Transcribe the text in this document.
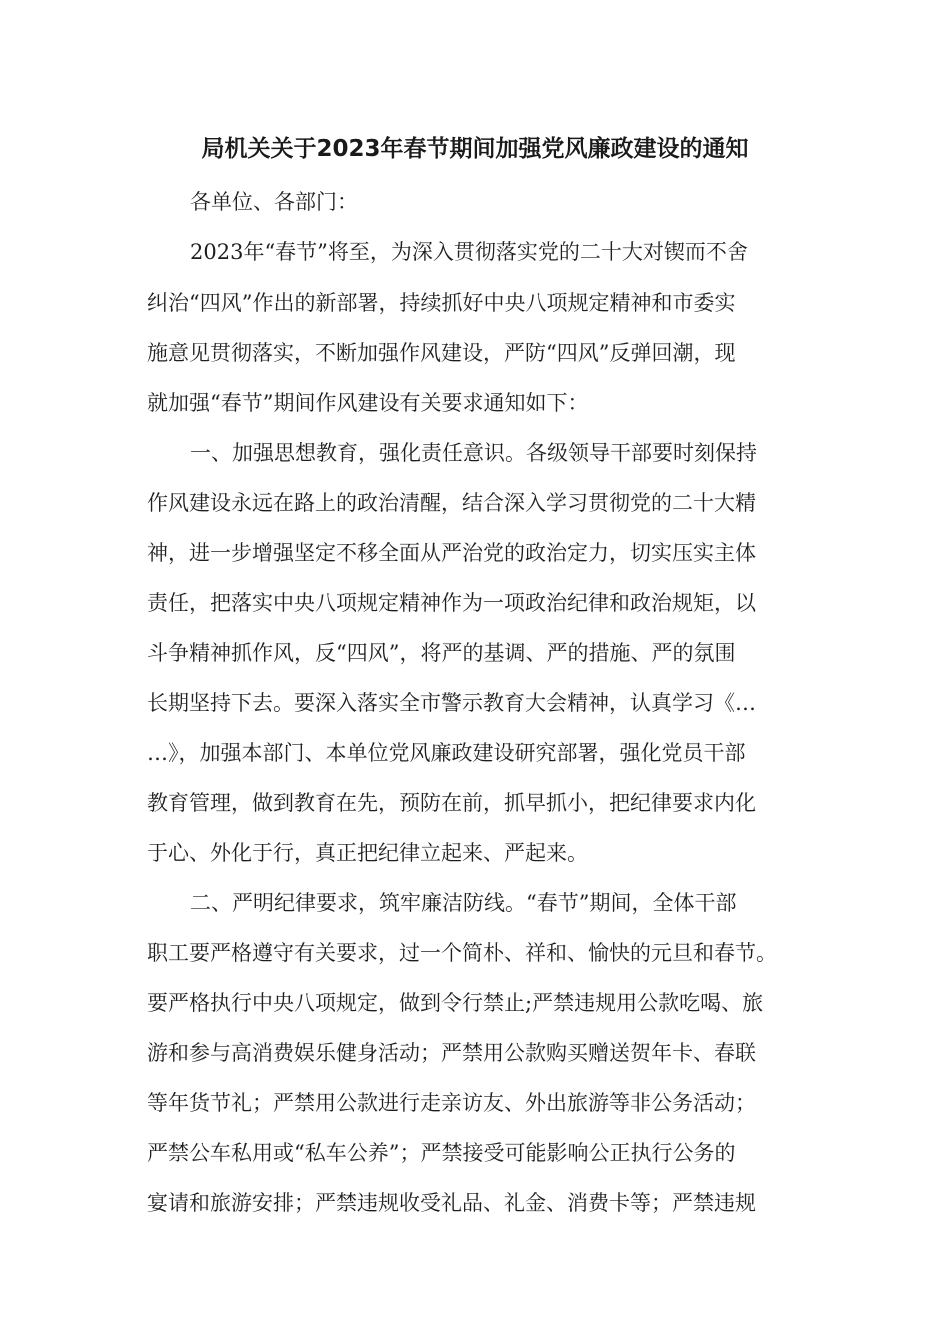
局机关关于2023年春节期间加强党风廉政建设的通知
各单位、各部门：
2023年“春节”将至，为深入贯彻落实党的二十大对锲而不舍
纠治“四风”作出的新部署，持续抓好中央八项规定精神和市委实
施意见贯彻落实，不断加强作风建设，严防“四风”反弹回潮，现
就加强“春节”期间作风建设有关要求通知如下：
一、加强思想教育，强化责任意识。各级领导干部要时刻保持
作风建设永远在路上的政治清醒，结合深入学习贯彻党的二十大精
神，进一步增强坚定不移全面从严治党的政治定力，切实压实主体
责任，把落实中央八项规定精神作为一项政治纪律和政治规矩，以
斗争精神抓作风，反“四风”，将严的基调、严的措施、严的氛围
长期坚持下去。要深入落实全市警示教育大会精神，认真学习《…
…》，加强本部门、本单位党风廉政建设研究部署，强化党员干部
教育管理，做到教育在先，预防在前，抓早抓小，把纪律要求内化
于心、外化于行，真正把纪律立起来、严起来。
二、严明纪律要求，筑牢廉洁防线。“春节”期间，全体干部
职工要严格遵守有关要求，过一个简朴、祥和、愉快的元旦和春节。
要严格执行中央八项规定，做到令行禁止;严禁违规用公款吃喝、旅
游和参与高消费娱乐健身活动；严禁用公款购买赠送贺年卡、春联
等年货节礼；严禁用公款进行走亲访友、外出旅游等非公务活动；
严禁公车私用或“私车公养”；严禁接受可能影响公正执行公务的
宴请和旅游安排；严禁违规收受礼品、礼金、消费卡等；严禁违规
